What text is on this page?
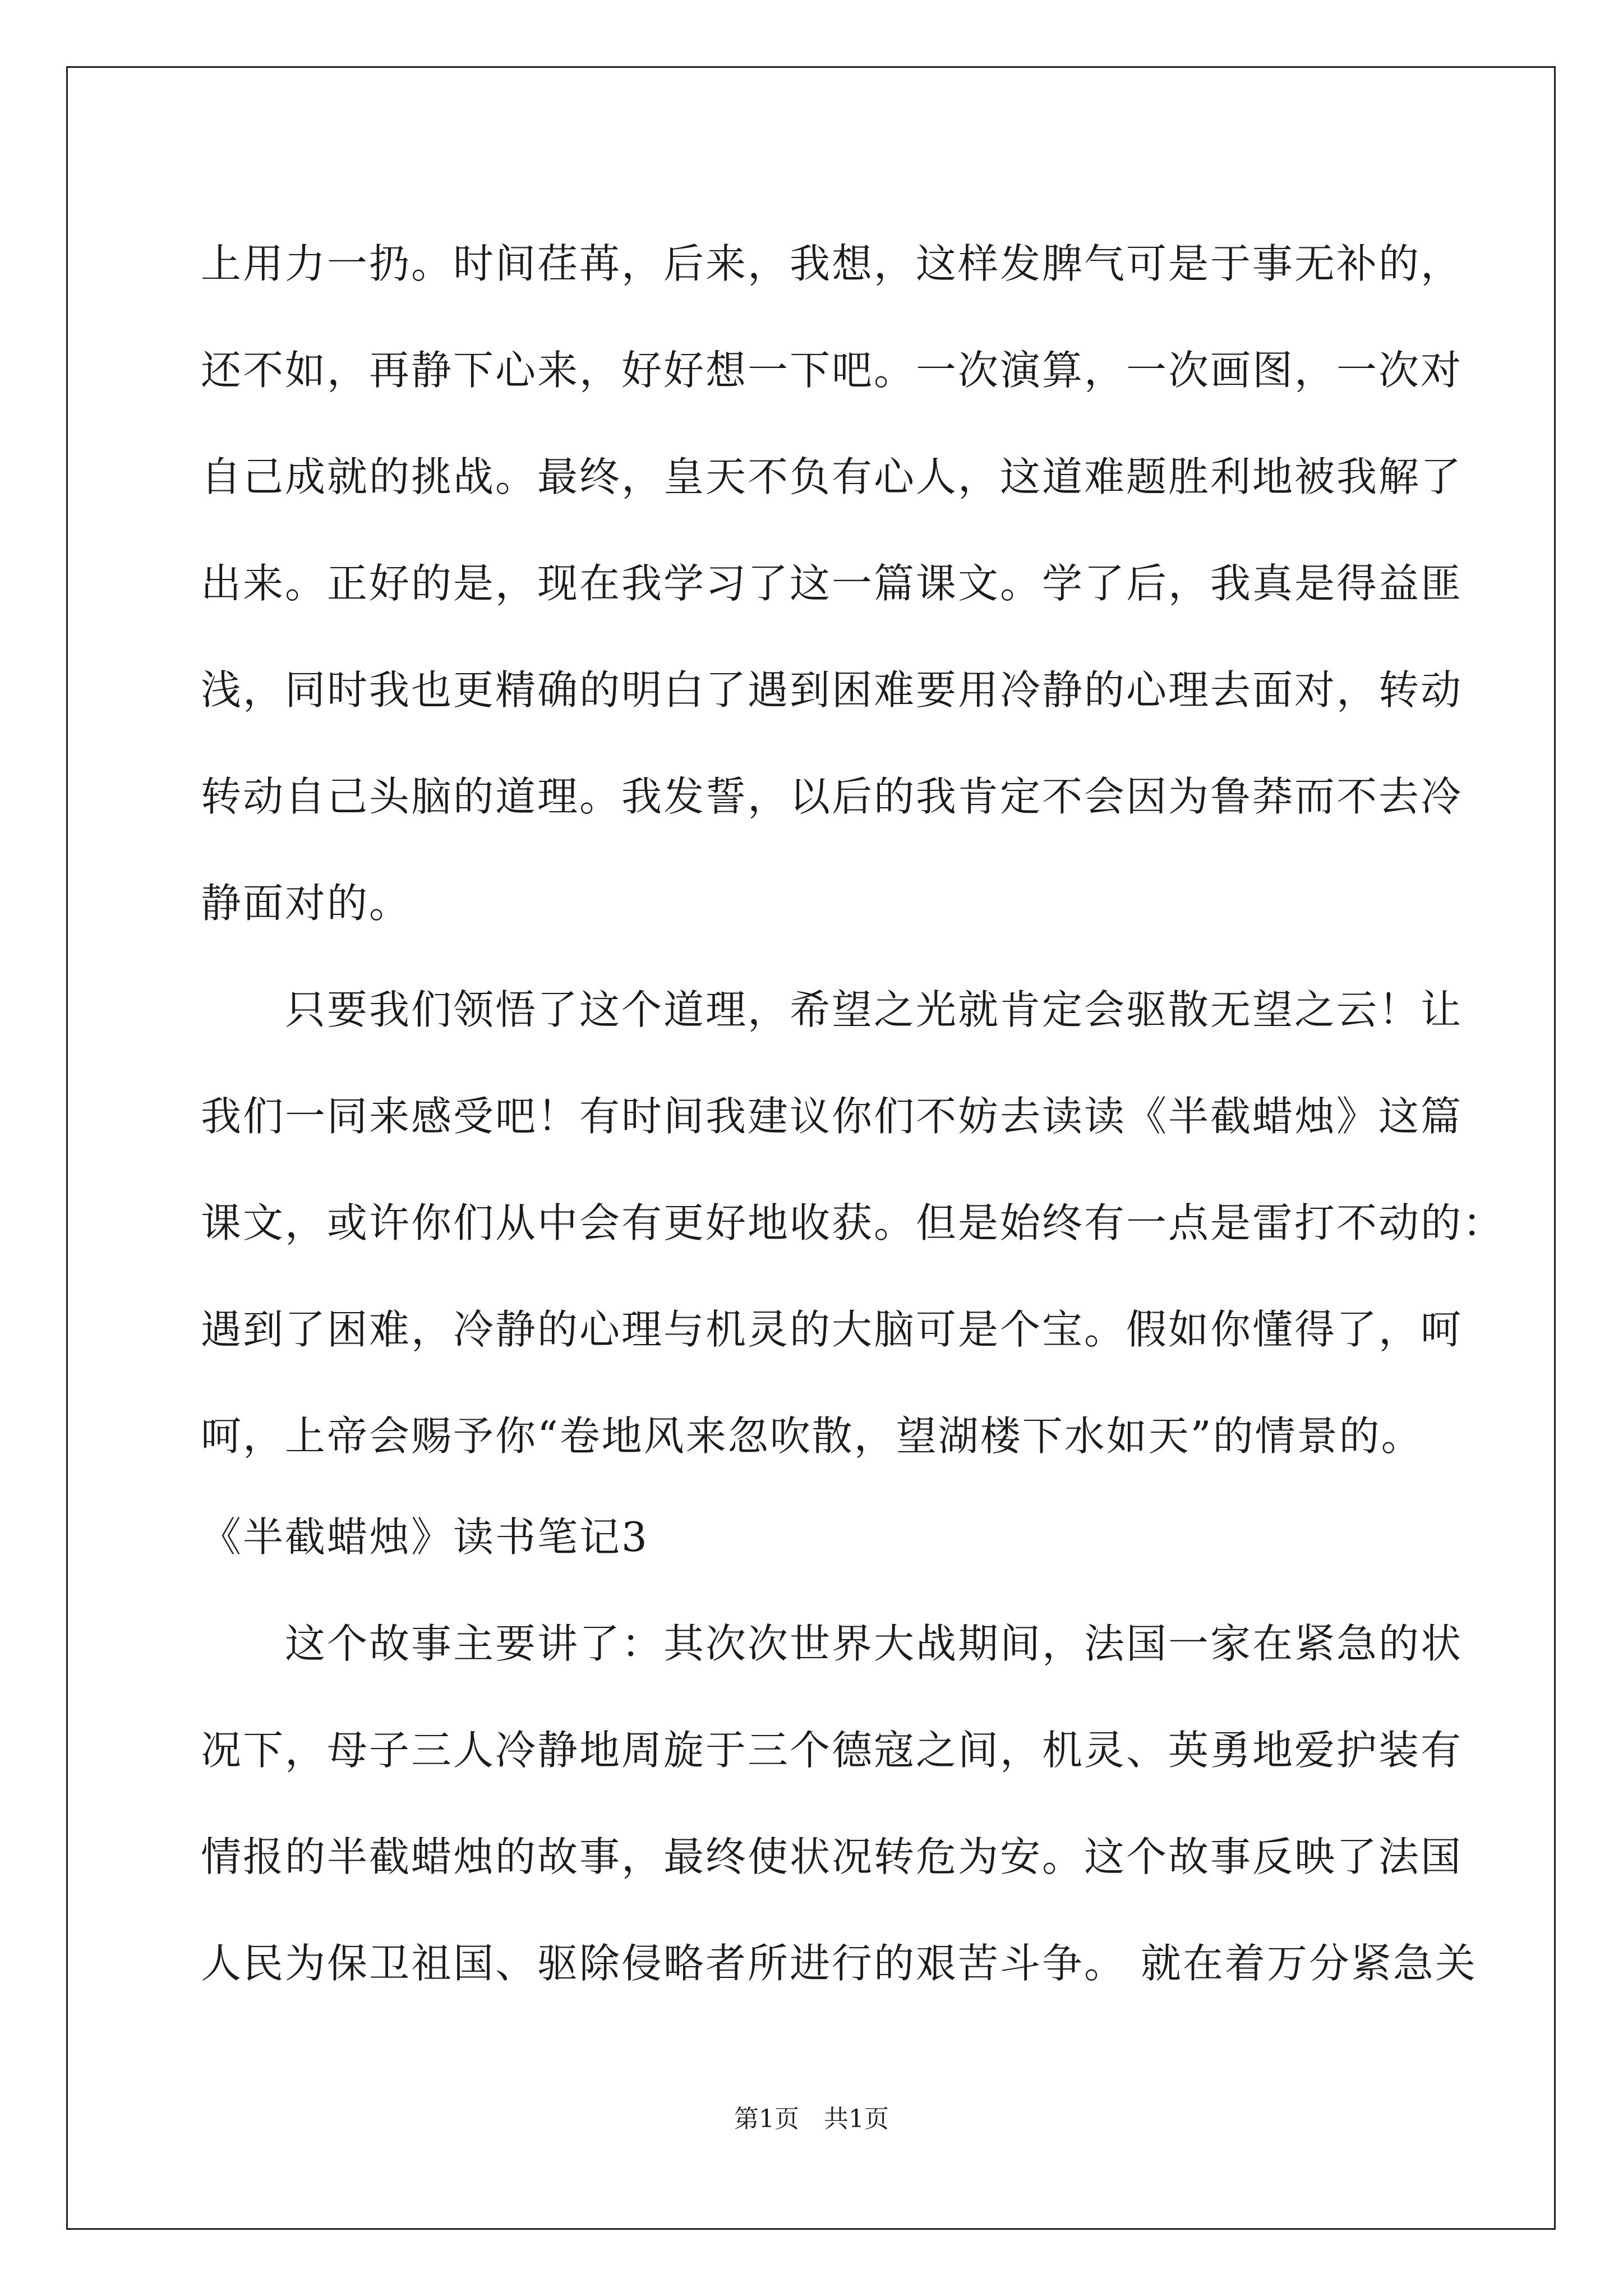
上用力一扔。时间荏苒，后来，我想，这样发脾气可是于事无补的，
还不如，再静下心来，好好想一下吧。一次演算，一次画图，一次对
自己成就的挑战。最终，皇天不负有心人，这道难题胜利地被我解了
出来。正好的是，现在我学习了这一篇课文。学了后，我真是得益匪
浅，同时我也更精确的明白了遇到困难要用冷静的心理去面对，转动
转动自己头脑的道理。我发誓，以后的我肯定不会因为鲁莽而不去冷
静面对的。
只要我们领悟了这个道理，希望之光就肯定会驱散无望之云！让
我们一同来感受吧！有时间我建议你们不妨去读读《半截蜡烛》这篇
课文，或许你们从中会有更好地收获。但是始终有一点是雷打不动的：
遇到了困难，冷静的心理与机灵的大脑可是个宝。假如你懂得了，呵
呵，上帝会赐予你“卷地风来忽吹散，望湖楼下水如天”的情景的。
《半截蜡烛》读书笔记3
这个故事主要讲了：其次次世界大战期间，法国一家在紧急的状
况下，母子三人冷静地周旋于三个德寇之间，机灵、英勇地爱护装有
情报的半截蜡烛的故事，最终使状况转危为安。这个故事反映了法国
人民为保卫祖国、驱除侵略者所进行的艰苦斗争。 就在着万分紧急关
第1页　共1页
